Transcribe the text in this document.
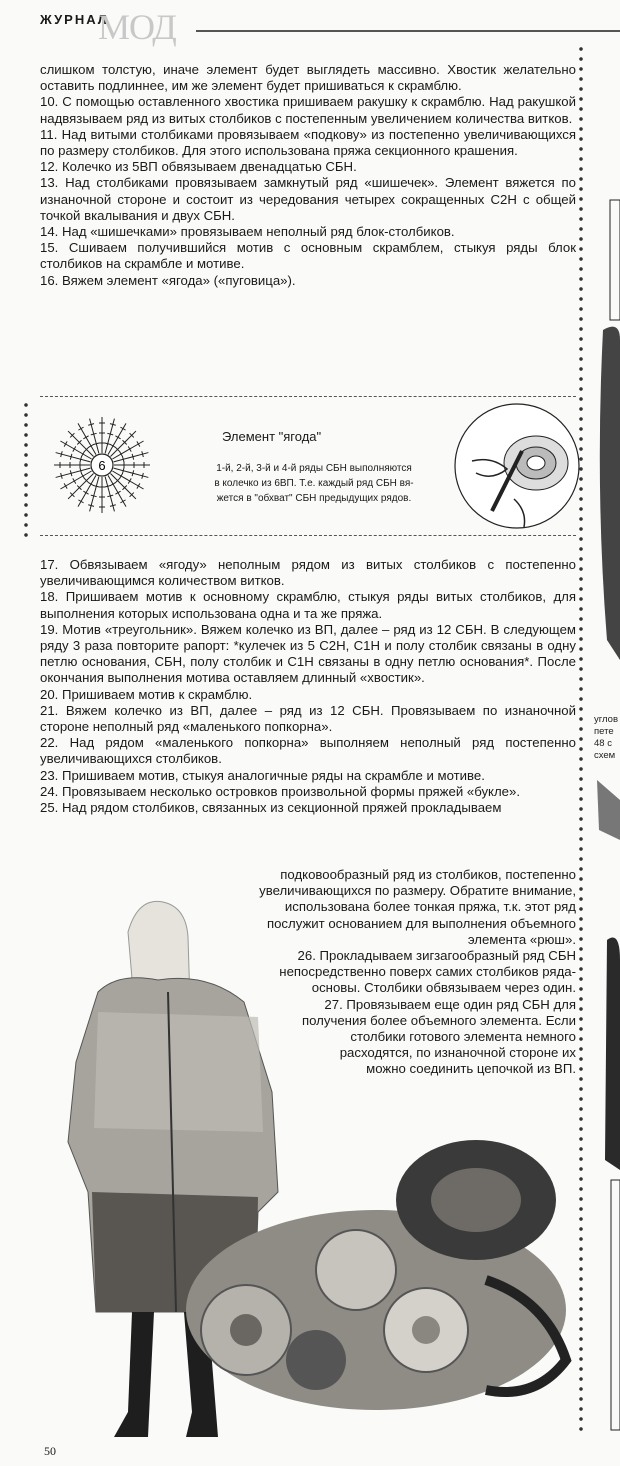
ЖУРНАЛ
МОД

слишком толстую, иначе элемент будет выглядеть массивно. Хвостик желательно оставить подлиннее, им же элемент будет пришиваться к скрамблю.

10. С помощью оставленного хвостика пришиваем ракушку к скрамблю. Над ракушкой надвязываем ряд из витых столбиков с постепенным увеличением количества витков.

11. Над витыми столбиками провязываем «подкову» из постепенно увеличивающихся по размеру столбиков. Для этого использована пряжа секционного крашения.

12. Колечко из 5ВП обвязываем двенадцатью СБН.

13. Над столбиками провязываем замкнутый ряд «шишечек». Элемент вяжется по изнаночной стороне и состоит из чередования четырех сокращенных С2Н с общей точкой вкалывания и двух СБН.

14. Над «шишечками» провязываем неполный ряд блок-столбиков.

15. Сшиваем получившийся мотив с основным скрамблем, стыкуя ряды блок столбиков на скрамбле и мотиве.

16. Вяжем элемент «ягода» («пуговица»).

6
Элемент "ягода"
1-й, 2-й, 3-й и 4-й ряды СБН выполняются
в колечко из 6ВП. Т.е. каждый ряд СБН вя-
жется в "обхват" СБН предыдущих рядов.

17. Обвязываем «ягоду» неполным рядом из витых столбиков с постепенно увеличивающимся количеством витков.

18. Пришиваем мотив к основному скрамблю, стыкуя ряды витых столбиков, для выполнения которых использована одна и та же пряжа.

19. Мотив «треугольник». Вяжем колечко из ВП, далее – ряд из 12 СБН. В следующем ряду 3 раза повторите рапорт: *кулечек из 5 С2Н, С1Н и полу столбик связаны в одну петлю основания, СБН, полу столбик и С1Н связаны в одну петлю основания*. После окончания выполнения мотива оставляем длинный «хвостик».

20. Пришиваем мотив к скрамблю.

21. Вяжем колечко из ВП, далее – ряд из 12 СБН. Провязываем по изнаночной стороне неполный ряд «маленького попкорна».

22. Над рядом «маленького попкорна» выполняем неполный ряд постепенно увеличивающихся столбиков.

23. Пришиваем мотив, стыкуя аналогичные ряды на скрамбле и мотиве.

24. Провязываем несколько островков произвольной формы пряжей «букле».

25. Над рядом столбиков, связанных из секционной пряжей прокладываем

подковообразный ряд из столбиков, постепенно

увеличивающихся по размеру. Обратите внимание,

использована более тонкая пряжа, т.к. этот ряд

послужит основанием для выполнения объемного

элемента «рюш».

26. Прокладываем зигзагообразный ряд СБН

непосредственно поверх самих столбиков ряда-

основы. Столбики обвязываем через один.

27. Провязываем еще один ряд СБН для

получения более объемного элемента. Если

столбики готового элемента немного

расходятся, по изнаночной стороне их

можно соединить цепочкой из ВП.

углов
пете
48 с
схем
50
